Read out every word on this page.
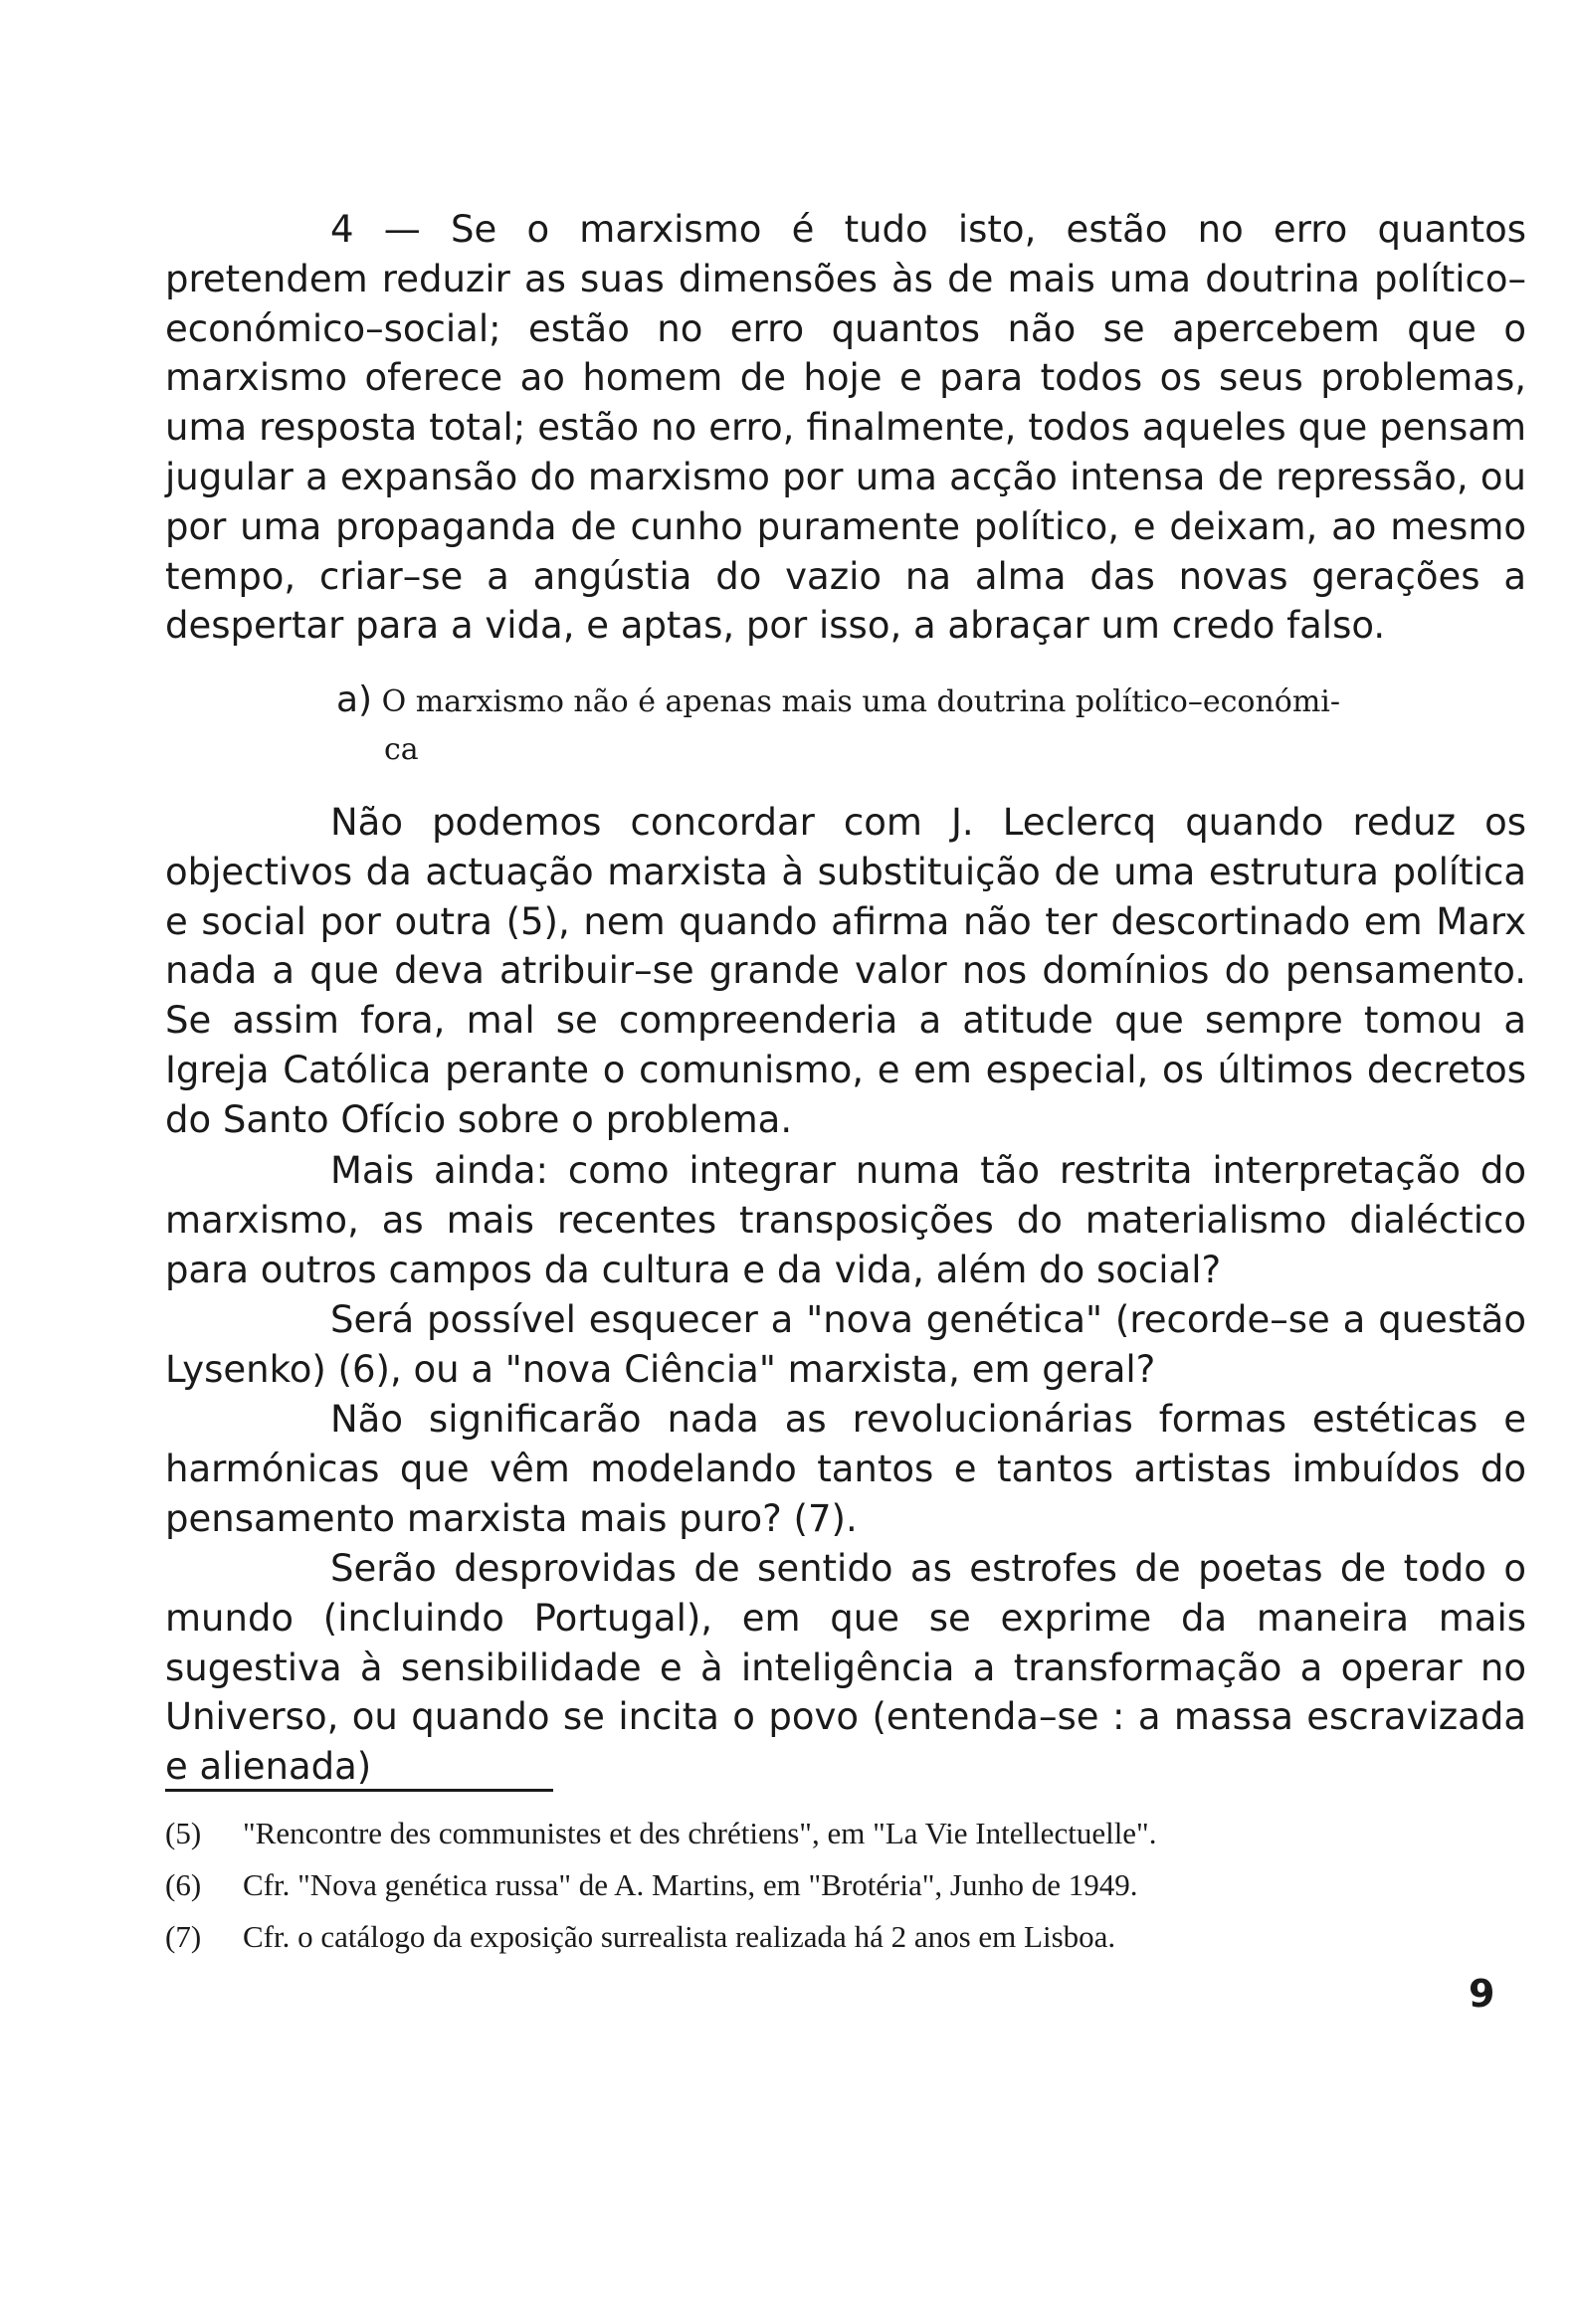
4 — Se o marxismo é tudo isto, estão no erro quantos pretendem reduzir as suas dimensões às de mais uma doutrina político–económico–social; estão no erro quantos não se apercebem que o marxismo oferece ao homem de hoje e para todos os seus problemas, uma resposta total; estão no erro, finalmente, todos aqueles que pensam jugular a expansão do marxismo por uma acção intensa de repressão, ou por uma propaganda de cunho puramente político, e deixam, ao mesmo tempo, criar–se a angústia do vazio na alma das novas gerações a despertar para a vida, e aptas, por isso, a abraçar um credo falso.

a) O marxismo não é apenas mais uma doutrina político–económi-
ca

Não podemos concordar com J. Leclercq quando reduz os objectivos da actuação marxista à substituição de uma estrutura política e social por outra (5), nem quando afirma não ter descortinado em Marx nada a que deva atribuir–se grande valor nos domínios do pensamento. Se assim fora, mal se compreenderia a atitude que sempre tomou a Igreja Católica perante o comunismo, e em especial, os últimos decretos do Santo Ofício sobre o problema.

Mais ainda: como integrar numa tão restrita interpretação do marxismo, as mais recentes transposições do materialismo dialéctico para outros campos da cultura e da vida, além do social?

Será possível esquecer a "nova genética" (recorde–se a questão Lysenko) (6), ou a "nova Ciência" marxista, em geral?

Não significarão nada as revolucionárias formas estéticas e harmónicas que vêm modelando tantos e tantos artistas imbuídos do pensamento marxista mais puro? (7).

Serão desprovidas de sentido as estrofes de poetas de todo o mundo (incluindo Portugal), em que se exprime da maneira mais sugestiva à sensibilidade e à inteligência a transformação a operar no Universo, ou quando se incita o povo (entenda–se : a massa escravizada e alienada)

(5)	"Rencontre des communistes et des chrétiens", em "La Vie Intellectuelle".
(6)	Cfr. "Nova genética russa" de A. Martins, em "Brotéria", Junho de 1949.
(7)	Cfr. o catálogo da exposição surrealista realizada há 2 anos em Lisboa.
9
